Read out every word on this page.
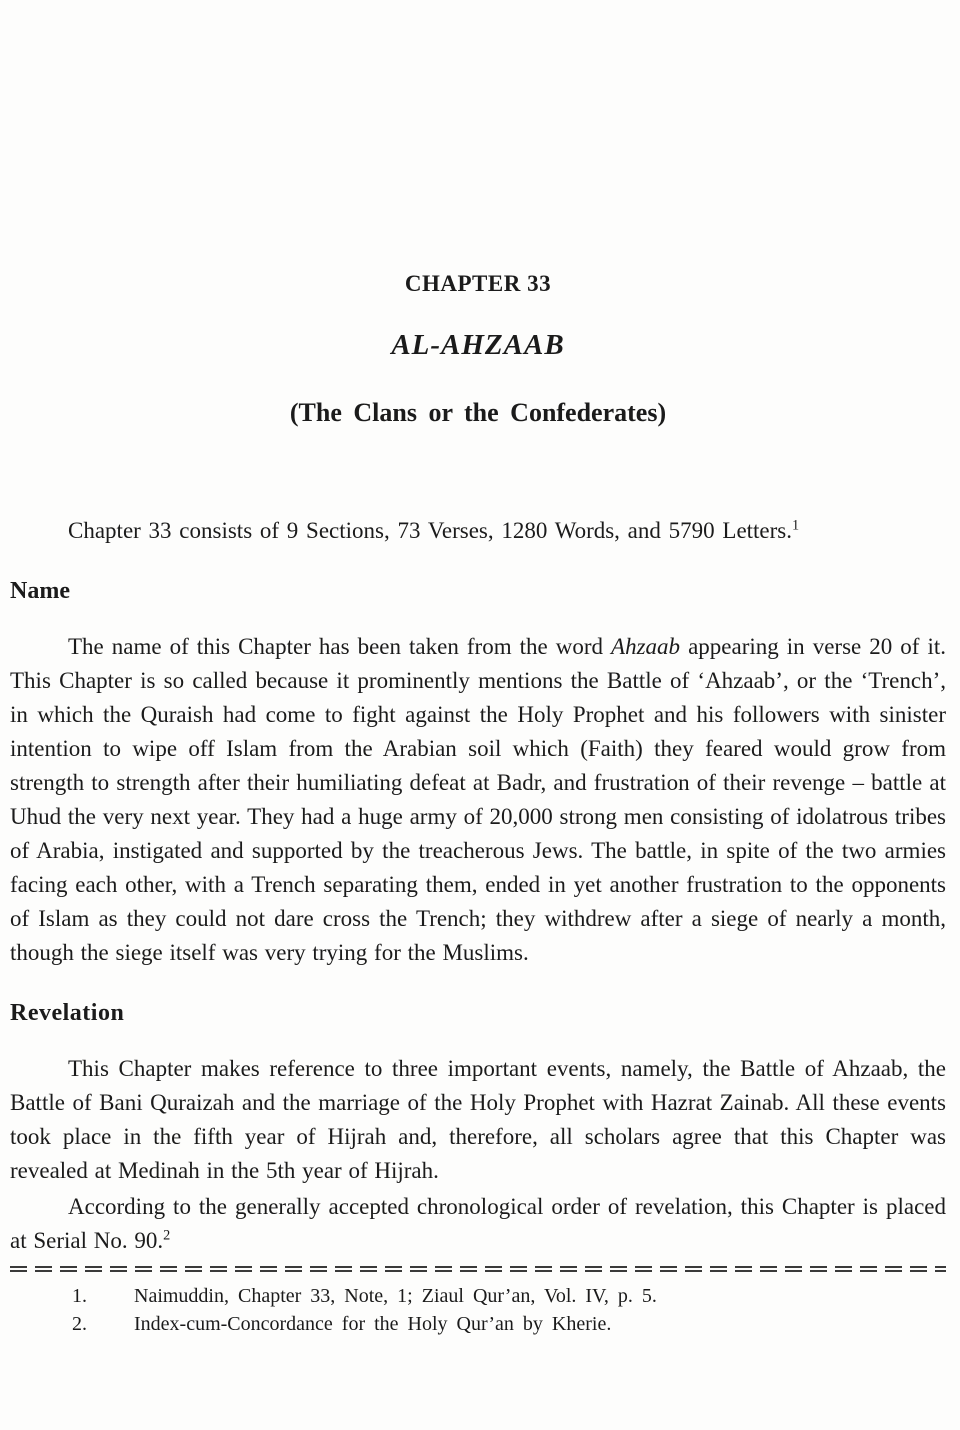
CHAPTER 33
AL-AHZAAB
(The Clans or the Confederates)

Chapter 33 consists of 9 Sections, 73 Verses, 1280 Words, and 5790 Letters.$^1$

Name

The name of this Chapter has been taken from the word Ahzaab appearing in verse 20 of it. This Chapter is so called because it prominently mentions the Battle of ‘Ahzaab’, or the ‘Trench’, in which the Quraish had come to fight against the Holy Prophet and his followers with sinister intention to wipe off Islam from the Arabian soil which (Faith) they feared would grow from strength to strength after their humiliating defeat at Badr, and frustration of their revenge – battle at Uhud the very next year. They had a huge army of 20,000 strong men consisting of idolatrous tribes of Arabia, instigated and supported by the treacherous Jews. The battle, in spite of the two armies facing each other, with a Trench separating them, ended in yet another frustration to the opponents of Islam as they could not dare cross the Trench; they withdrew after a siege of nearly a month, though the siege itself was very trying for the Muslims.

Revelation

This Chapter makes reference to three important events, namely, the Battle of Ahzaab, the Battle of Bani Quraizah and the marriage of the Holy Prophet with Hazrat Zainab. All these events took place in the fifth year of Hijrah and, therefore, all scholars agree that this Chapter was revealed at Medinah in the 5th year of Hijrah.

According to the generally accepted chronological order of revelation, this Chapter is placed at Serial No. 90.$^2$

1.	Naimuddin, Chapter 33, Note, 1; Ziaul Qur’an, Vol. IV, p. 5.
2.	Index-cum-Concordance for the Holy Qur’an by Kherie.
